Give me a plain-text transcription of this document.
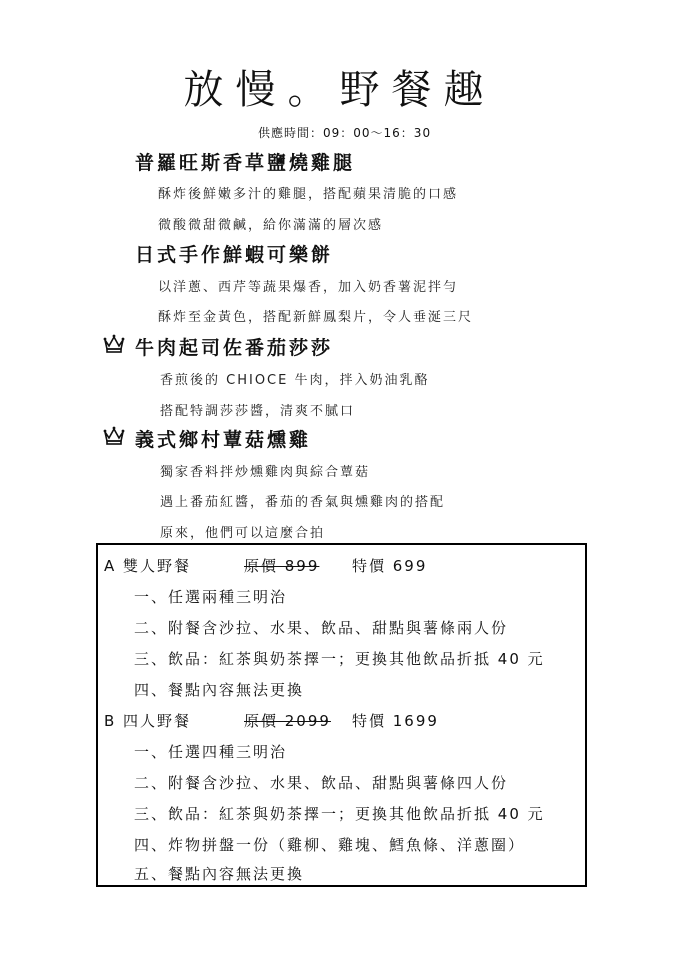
放慢。野餐趣
供應時間：09：00～16：30
普羅旺斯香草鹽燒雞腿
酥炸後鮮嫩多汁的雞腿，搭配蘋果清脆的口感
微酸微甜微鹹，給你滿滿的層次感
日式手作鮮蝦可樂餅
以洋蔥、西芹等蔬果爆香，加入奶香薯泥拌勻
酥炸至金黃色，搭配新鮮鳳梨片，令人垂涎三尺
牛肉起司佐番茄莎莎
香煎後的 CHIOCE 牛肉，拌入奶油乳酪
搭配特調莎莎醬，清爽不膩口
義式鄉村蕈菇燻雞
獨家香料拌炒燻雞肉與綜合蕈菇
遇上番茄紅醬，番茄的香氣與燻雞肉的搭配
原來，他們可以這麼合拍
A 雙人野餐	原價 899 特價 699
一、任選兩種三明治
二、附餐含沙拉、水果、飲品、甜點與薯條兩人份
三、飲品：紅茶與奶茶擇一；更換其他飲品折抵 40 元
四、餐點內容無法更換
B 四人野餐	原價 2099 特價 1699
一、任選四種三明治
二、附餐含沙拉、水果、飲品、甜點與薯條四人份
三、飲品：紅茶與奶茶擇一；更換其他飲品折抵 40 元
四、炸物拼盤一份（雞柳、雞塊、鱈魚條、洋蔥圈）
五、餐點內容無法更換
